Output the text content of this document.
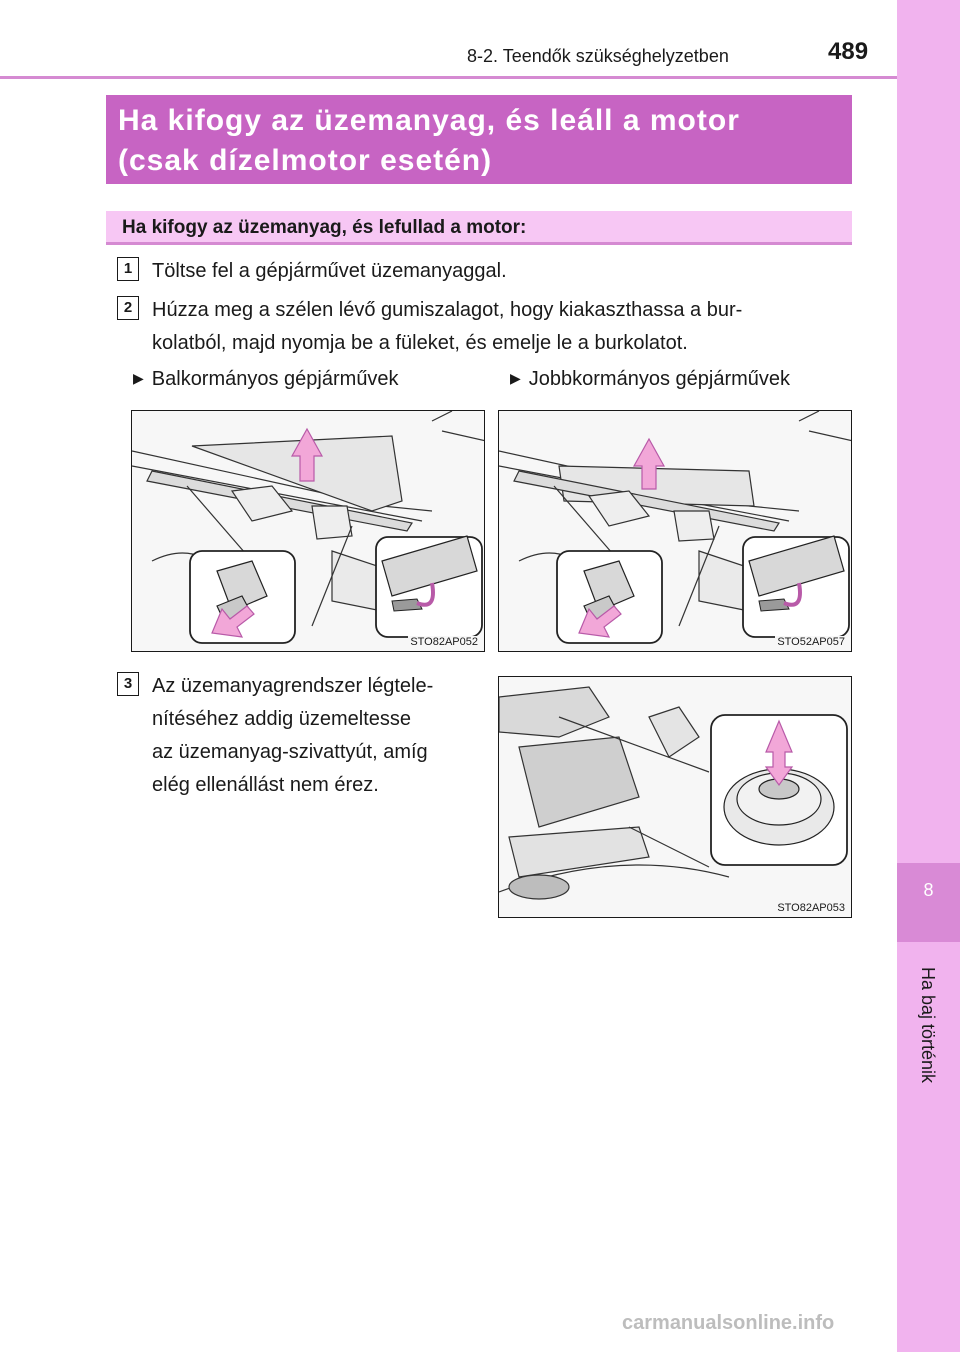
8
Ha baj történik
8-2. Teendők szükséghelyzetben	489
Ha kifogy az üzemanyag, és leáll a motor
(csak dízelmotor esetén)
Ha kifogy az üzemanyag, és lefullad a motor:
1 Töltse fel a gépjárművet üzemanyaggal.
2 Húzza meg a szélen lévő gumiszalagot, hogy kiakaszthassa a bur-
kolatból, majd nyomja be a füleket, és emelje le a burkolatot.
▶ Balkormányos gépjárművek	▶ Jobbkormányos gépjárművek
STO82AP052	STO52AP057
3 Az üzemanyagrendszer légtele-
nítéséhez addig üzemeltesse
az üzemanyag-szivattyút, amíg
elég ellenállást nem érez.
STO82AP053
carmanualsonline.info
